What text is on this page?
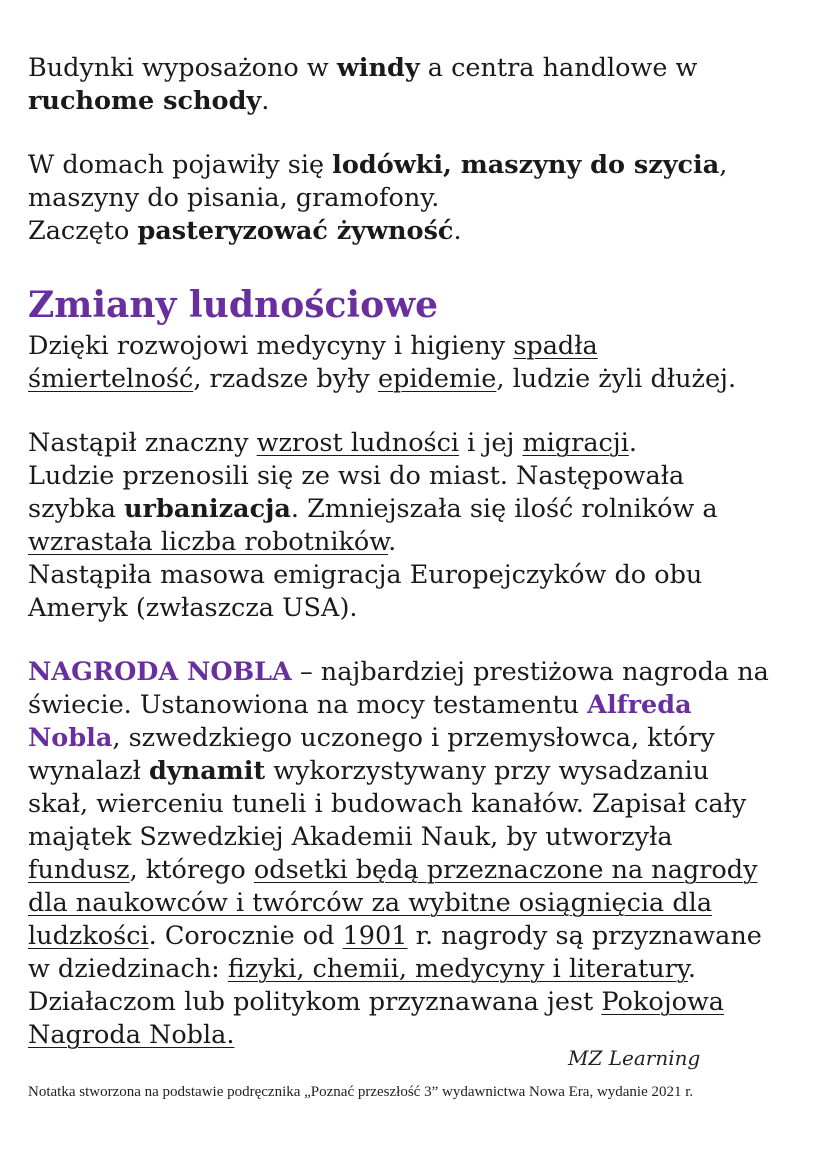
Budynki wyposażono w windy a centra handlowe w
ruchome schody.

W domach pojawiły się lodówki, maszyny do szycia,
maszyny do pisania, gramofony.
Zaczęto pasteryzować żywność.

Zmiany ludnościowe

Dzięki rozwojowi medycyny i higieny spadła
śmiertelność, rzadsze były epidemie, ludzie żyli dłużej.

Nastąpił znaczny wzrost ludności i jej migracji.
Ludzie przenosili się ze wsi do miast. Następowała
szybka urbanizacja. Zmniejszała się ilość rolników a
wzrastała liczba robotników.
Nastąpiła masowa emigracja Europejczyków do obu
Ameryk (zwłaszcza USA).

NAGRODA NOBLA – najbardziej prestiżowa nagroda na
świecie. Ustanowiona na mocy testamentu Alfreda
Nobla, szwedzkiego uczonego i przemysłowca, który
wynalazł dynamit wykorzystywany przy wysadzaniu
skał, wierceniu tuneli i budowach kanałów. Zapisał cały
majątek Szwedzkiej Akademii Nauk, by utworzyła
fundusz, którego odsetki będą przeznaczone na nagrody
dla naukowców i twórców za wybitne osiągnięcia dla
ludzkości. Corocznie od 1901 r. nagrody są przyznawane
w dziedzinach: fizyki, chemii, medycyny i literatury.
Działaczom lub politykom przyznawana jest Pokojowa
Nagroda Nobla.

MZ Learning

Notatka stworzona na podstawie podręcznika „Poznać przeszłość 3” wydawnictwa Nowa Era, wydanie 2021 r.
